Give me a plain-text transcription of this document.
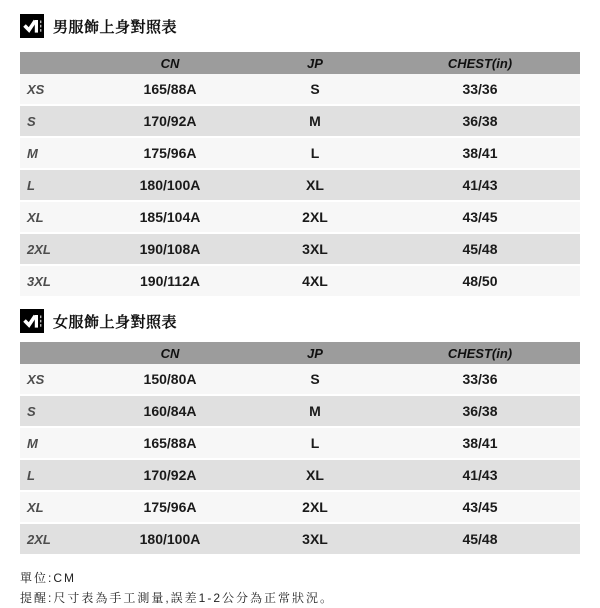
男服飾上身對照表
	CN	JP	CHEST(in)
XS	165/88A	S	33/36
S	170/92A	M	36/38
M	175/96A	L	38/41
L	180/100A	XL	41/43
XL	185/104A	2XL	43/45
2XL	190/108A	3XL	45/48
3XL	190/112A	4XL	48/50
女服飾上身對照表
	CN	JP	CHEST(in)
XS	150/80A	S	33/36
S	160/84A	M	36/38
M	165/88A	L	38/41
L	170/92A	XL	41/43
XL	175/96A	2XL	43/45
2XL	180/100A	3XL	45/48
單位:CM
提醒:尺寸表為手工測量,誤差1-2公分為正常狀況。
